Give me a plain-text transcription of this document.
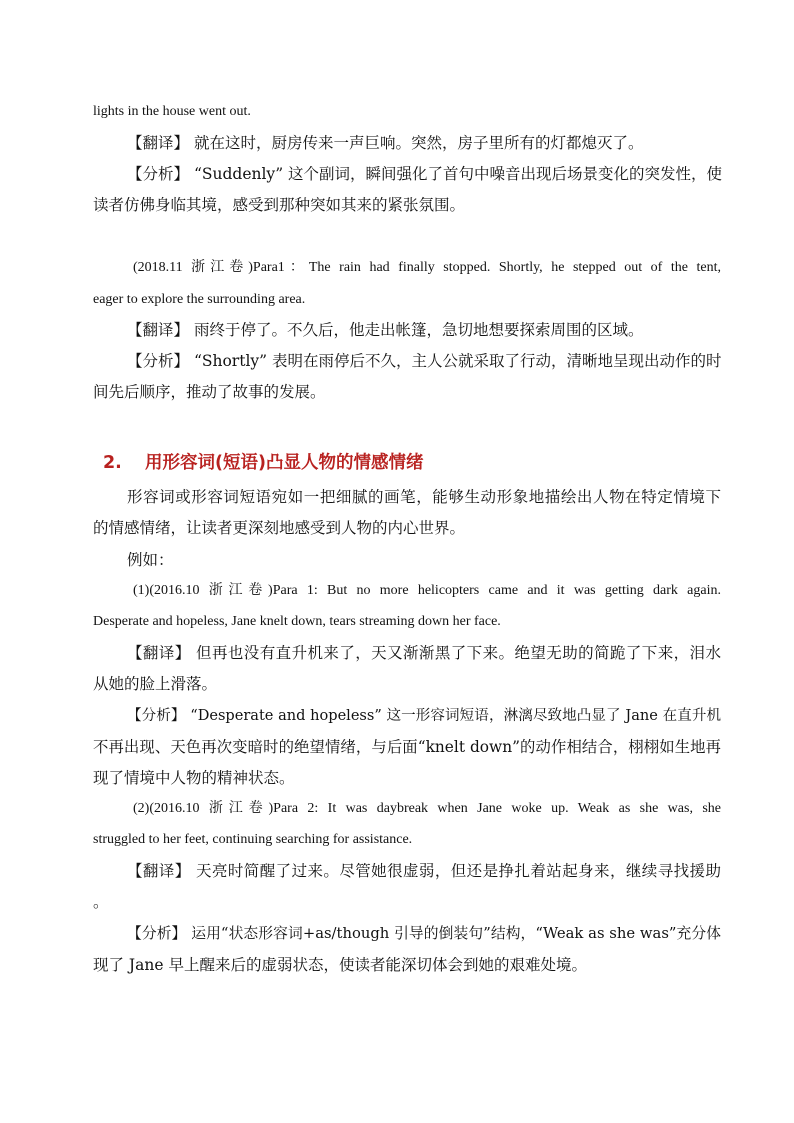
lights in the house went out.
【翻译】 就在这时，厨房传来一声巨响。突然，房子里所有的灯都熄灭了。
【分析】 “Suddenly” 这个副词，瞬间强化了首句中噪音出现后场景变化的突发性，使
读者仿佛身临其境，感受到那种突如其来的紧张氛围。
(2018.11 浙江卷)Para1：The rain had finally stopped. Shortly, he stepped out of the tent,
eager to explore the surrounding area.
【翻译】 雨终于停了。不久后，他走出帐篷，急切地想要探索周围的区域。
【分析】 “Shortly” 表明在雨停后不久，主人公就采取了行动，清晰地呈现出动作的时
间先后顺序，推动了故事的发展。
2. 用形容词(短语)凸显人物的情感情绪
形容词或形容词短语宛如一把细腻的画笔，能够生动形象地描绘出人物在特定情境下
的情感情绪，让读者更深刻地感受到人物的内心世界。
例如：
(1)(2016.10 浙江卷)Para 1: But no more helicopters came and it was getting dark again.
Desperate and hopeless, Jane knelt down, tears streaming down her face.
【翻译】 但再也没有直升机来了，天又渐渐黑了下来。绝望无助的简跪了下来，泪水
从她的脸上滑落。
【分析】 “Desperate and hopeless” 这一形容词短语，淋漓尽致地凸显了 Jane 在直升机
不再出现、天色再次变暗时的绝望情绪，与后面“knelt down”的动作相结合，栩栩如生地再
现了情境中人物的精神状态。
(2)(2016.10 浙江卷)Para 2: It was daybreak when Jane woke up. Weak as she was, she
struggled to her feet, continuing searching for assistance.
【翻译】 天亮时简醒了过来。尽管她很虚弱，但还是挣扎着站起身来，继续寻找援助
。
【分析】 运用“状态形容词+as/though 引导的倒装句”结构，“Weak as she was”充分体
现了 Jane 早上醒来后的虚弱状态，使读者能深切体会到她的艰难处境。
